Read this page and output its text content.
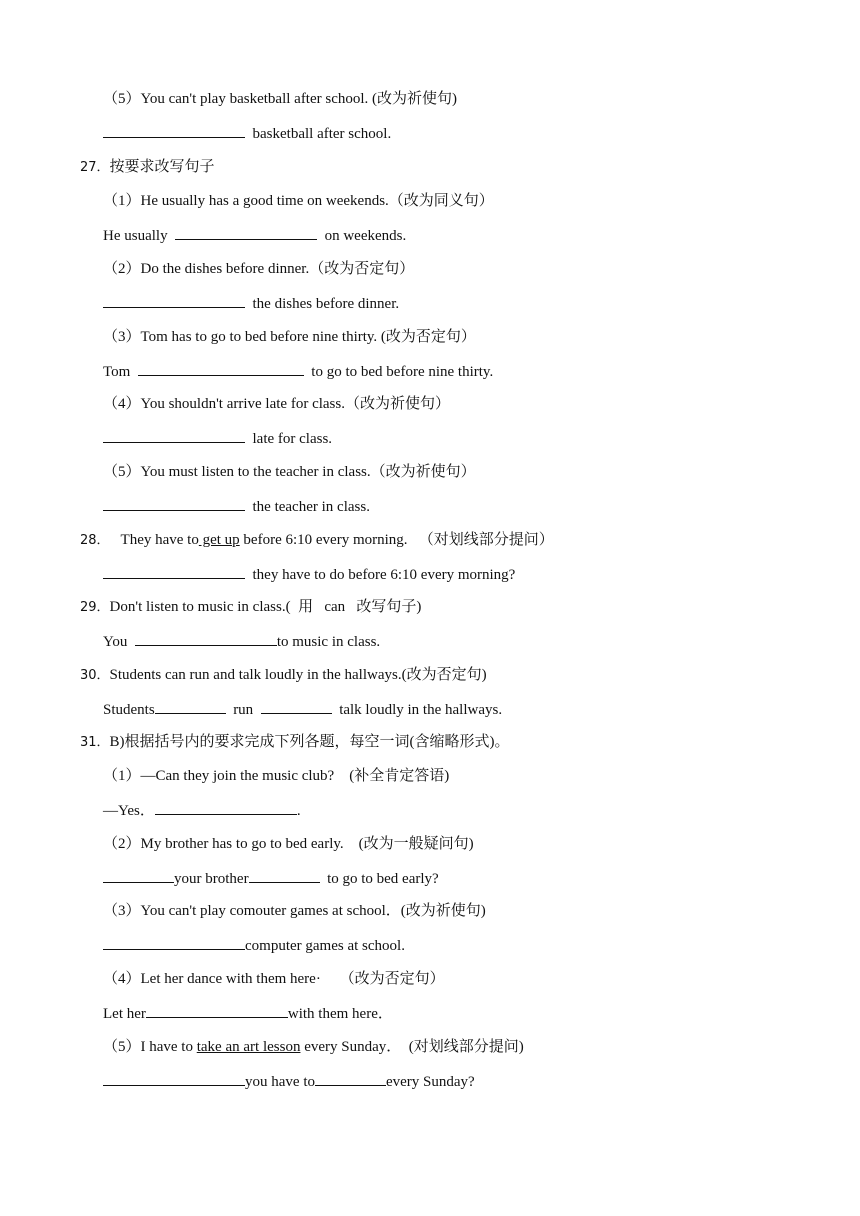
（5）You can't play basketball after school. (改为祈使句)
basketball after school.
27．按要求改写句子
（1）He usually has a good time on weekends.（改为同义句）
He usually	on weekends.
（2）Do the dishes before dinner.（改为否定句）
the dishes before dinner.
（3）Tom has to go to bed before nine thirty. (改为否定句）
Tom	to go to bed before nine thirty.
（4）You shouldn't arrive late for class.（改为祈使句）
late for class.
（5）You must listen to the teacher in class.（改为祈使句）
the teacher in class.
28． They have to get up before 6:10 every morning.   （对划线部分提问）
they have to do before 6:10 every morning?
29．Don't listen to music in class.(  用   can   改写句子)
You	to music in class.
30．Students can run and talk loudly in the hallways.(改为否定句)
Students	run	talk loudly in the hallways.
31．B)根据括号内的要求完成下列各题，每空一词(含缩略形式)。
（1）—Can they join the music club?    (补全肯定答语)
—Yes．	.
（2）My brother has to go to bed early.    (改为一般疑问句)
your brother	to go to bed early?
（3）You can't play comouter games at school．(改为祈使句)
computer games at school.
（4）Let her dance with them here·     （改为否定句）
Let her	with them here．
（5）I have to take an art lesson every Sunday．  (对划线部分提问)
you have to	every Sunday?
